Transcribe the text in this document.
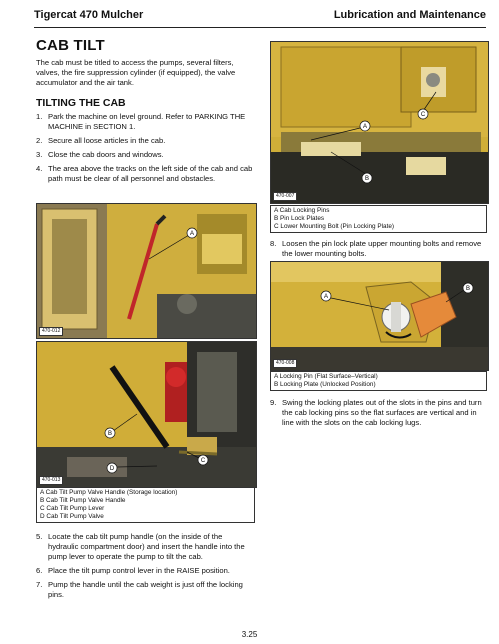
Tigercat 470 Mulcher	Lubrication and Maintenance
CAB TILT
The cab must be titled to access the pumps, several filters, valves, the fire suppression cylinder (if equipped), the valve accumulator and the air tank.
TILTING THE CAB
1. Park the machine on level ground. Refer to PARKING THE MACHINE in SECTION 1.
2. Secure all loose articles in the cab.
3. Close the cab doors and windows.
4. The area above the tracks on the left side of the cab and cab path must be clear of all personnel and obstacles.
A
470-012
B
C
D
470-013
A Cab Tilt Pump Valve Handle (Storage location)
B Cab Tilt Pump Valve Handle
C Cab Tilt Pump Lever
D Cab Tilt Pump Valve
5. Locate the cab tilt pump handle (on the inside of the hydraulic compartment door) and insert the handle into the pump lever to operate the pump to tilt the cab.
6. Place the tilt pump control lever in the RAISE position.
7. Pump the handle until the cab weight is just off the locking pins.
A
B
C
470-007
A Cab Locking Pins
B Pin Lock Plates
C Lower Mounting Bolt (Pin Locking Plate)
8. Loosen the pin lock plate upper mounting bolts and remove the lower mounting bolts.
A
B
470-008
A Locking Pin (Flat Surface–Vertical)
B Locking Plate (Unlocked Position)
9. Swing the locking plates out of the slots in the pins and turn the cab locking pins so the flat surfaces are vertical and in line with the slots on the cab locking lugs.
3.25
